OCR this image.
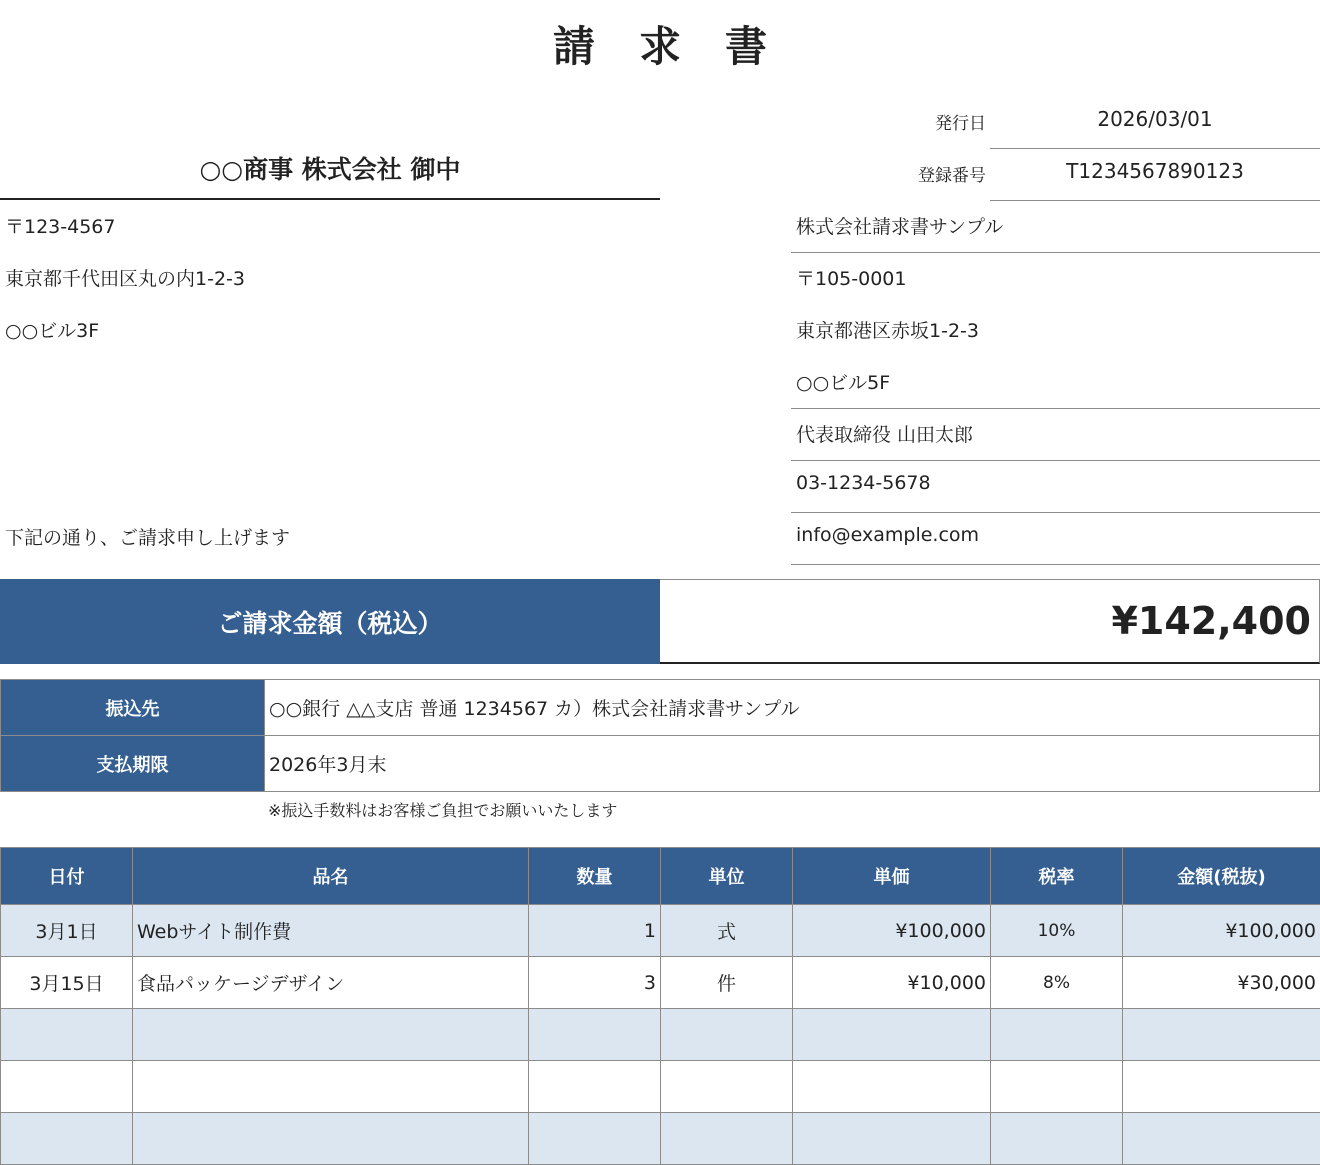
請求書
発行日	2026/03/01
登録番号	T1234567890123
○○商事 株式会社 御中
〒123-4567
東京都千代田区丸の内1-2-3
○○ビル3F
下記の通り、ご請求申し上げます
株式会社請求書サンプル
〒105-0001
東京都港区赤坂1-2-3
○○ビル5F
代表取締役 山田太郎
03-1234-5678
info@example.com
ご請求金額（税込）	¥142,400
振込先	○○銀行 △△支店 普通 1234567 カ）株式会社請求書サンプル
支払期限	2026年3月末
※振込手数料はお客様ご負担でお願いいたします
日付	品名	数量	単位	単価	税率	金額(税抜)
3月1日	Webサイト制作費	1	式	¥100,000	10%	¥100,000
3月15日	食品パッケージデザイン	3	件	¥10,000	8%	¥30,000
